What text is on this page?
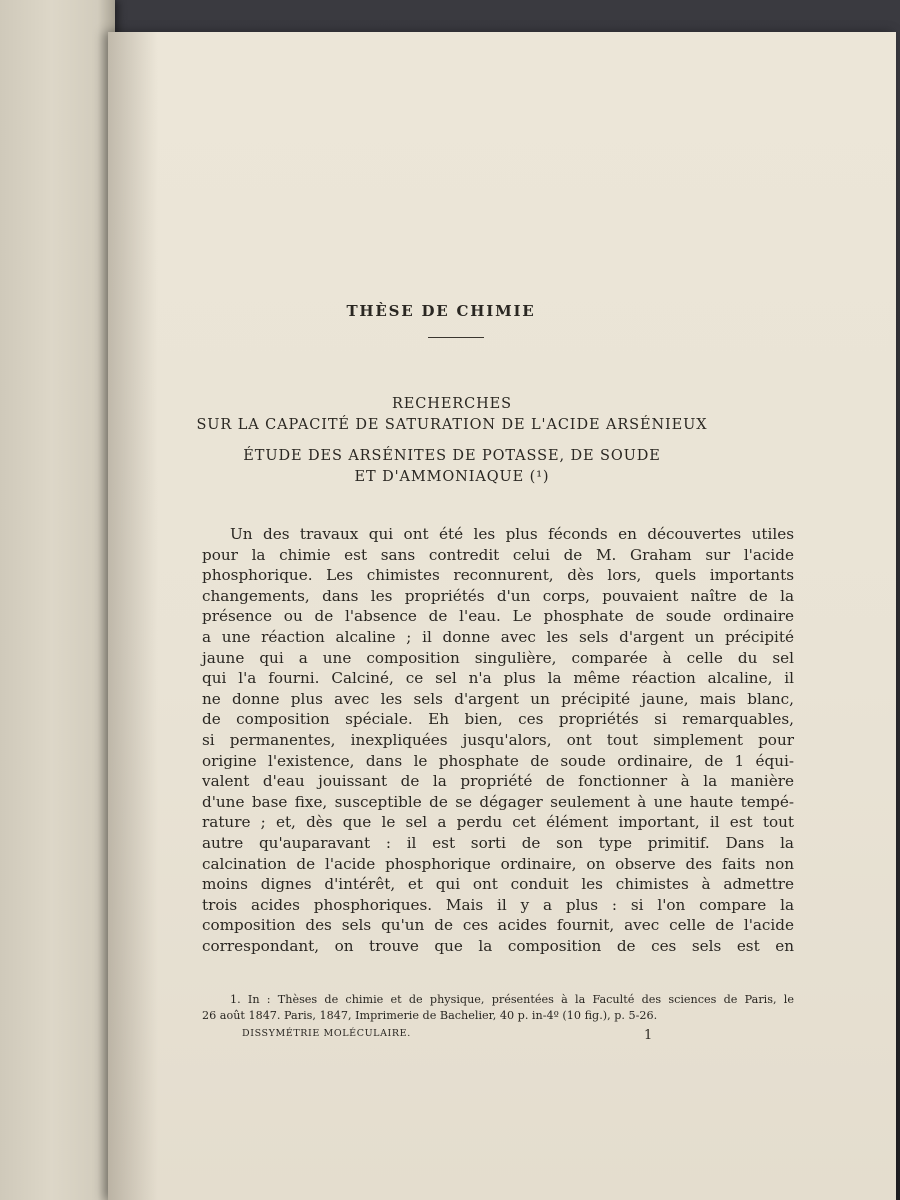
THÈSE DE CHIMIE
RECHERCHES
SUR LA CAPACITÉ DE SATURATION DE L'ACIDE ARSÉNIEUX
ÉTUDE DES ARSÉNITES DE POTASSE, DE SOUDE
ET D'AMMONIAQUE (¹)
Un des travaux qui ont été les plus féconds en découvertes utiles
pour la chimie est sans contredit celui de M. Graham sur l'acide
phosphorique. Les chimistes reconnurent, dès lors, quels importants
changements, dans les propriétés d'un corps, pouvaient naître de la
présence ou de l'absence de l'eau. Le phosphate de soude ordinaire
a une réaction alcaline ; il donne avec les sels d'argent un précipité
jaune qui a une composition singulière, comparée à celle du sel
qui l'a fourni. Calciné, ce sel n'a plus la même réaction alcaline, il
ne donne plus avec les sels d'argent un précipité jaune, mais blanc,
de composition spéciale. Eh bien, ces propriétés si remarquables,
si permanentes, inexpliquées jusqu'alors, ont tout simplement pour
origine l'existence, dans le phosphate de soude ordinaire, de 1 équi-
valent d'eau jouissant de la propriété de fonctionner à la manière
d'une base fixe, susceptible de se dégager seulement à une haute tempé-
rature ; et, dès que le sel a perdu cet élément important, il est tout
autre qu'auparavant : il est sorti de son type primitif. Dans la
calcination de l'acide phosphorique ordinaire, on observe des faits non
moins dignes d'intérêt, et qui ont conduit les chimistes à admettre
trois acides phosphoriques. Mais il y a plus : si l'on compare la
composition des sels qu'un de ces acides fournit, avec celle de l'acide
correspondant, on trouve que la composition de ces sels est en
1. In : Thèses de chimie et de physique, présentées à la Faculté des sciences de Paris, le
26 août 1847. Paris, 1847, Imprimerie de Bachelier, 40 p. in-4º (10 fig.), p. 5-26.
DISSYMÉTRIE MOLÉCULAIRE.	1
